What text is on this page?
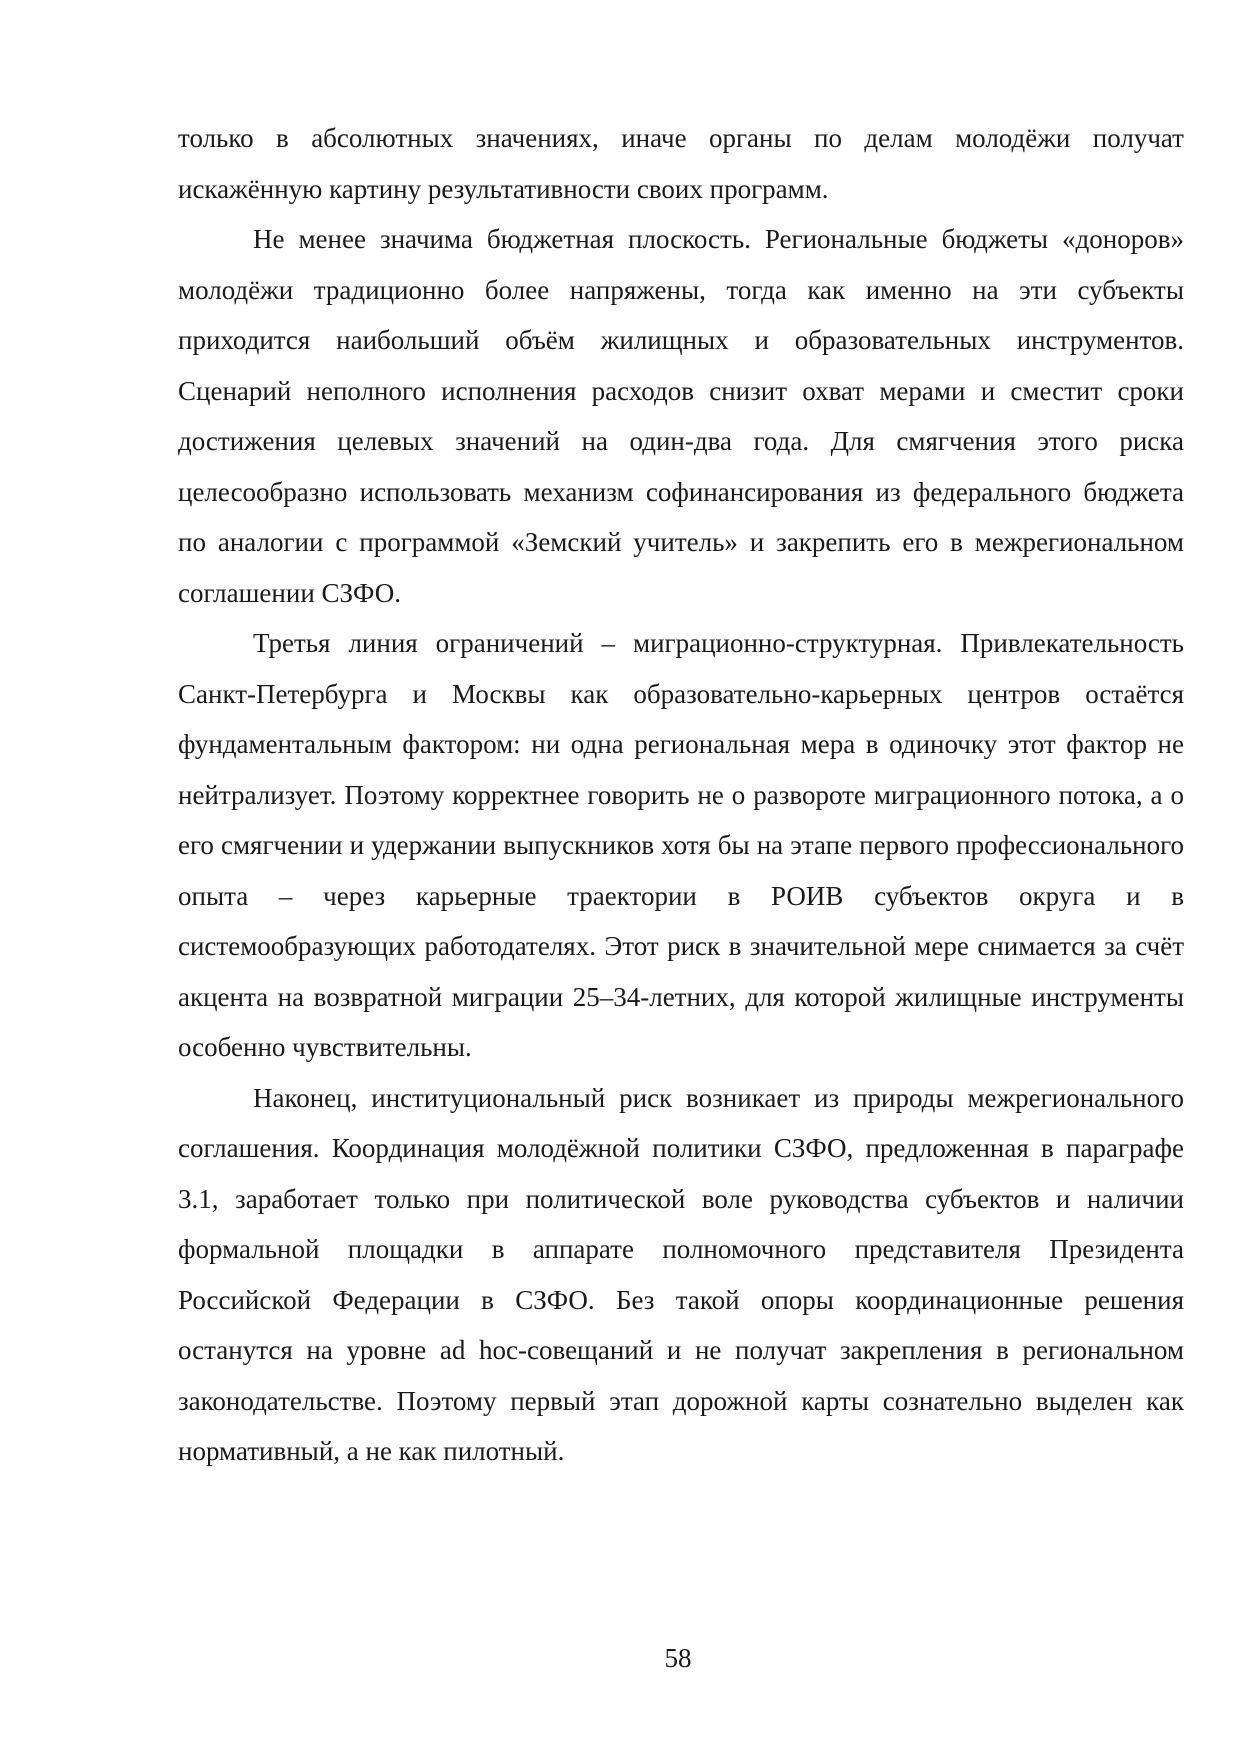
только в абсолютных значениях, иначе органы по делам молодёжи получат искажённую картину результативности своих программ.

Не менее значима бюджетная плоскость. Региональные бюджеты «доноров» молодёжи традиционно более напряжены, тогда как именно на эти субъекты приходится наибольший объём жилищных и образовательных инструментов. Сценарий неполного исполнения расходов снизит охват мерами и сместит сроки достижения целевых значений на один-два года. Для смягчения этого риска целесообразно использовать механизм софинансирования из федерального бюджета по аналогии с программой «Земский учитель» и закрепить его в межрегиональном соглашении СЗФО.

Третья линия ограничений – миграционно-структурная. Привлекательность Санкт-Петербурга и Москвы как образовательно-карьерных центров остаётся фундаментальным фактором: ни одна региональная мера в одиночку этот фактор не нейтрализует. Поэтому корректнее говорить не о развороте миграционного потока, а о его смягчении и удержании выпускников хотя бы на этапе первого профессионального опыта – через карьерные траектории в РОИВ субъектов округа и в системообразующих работодателях. Этот риск в значительной мере снимается за счёт акцента на возвратной миграции 25–34-летних, для которой жилищные инструменты особенно чувствительны.

Наконец, институциональный риск возникает из природы межрегионального соглашения. Координация молодёжной политики СЗФО, предложенная в параграфе 3.1, заработает только при политической воле руководства субъектов и наличии формальной площадки в аппарате полномочного представителя Президента Российской Федерации в СЗФО. Без такой опоры координационные решения останутся на уровне ad hoc-совещаний и не получат закрепления в региональном законодательстве. Поэтому первый этап дорожной карты сознательно выделен как нормативный, а не как пилотный.

58
